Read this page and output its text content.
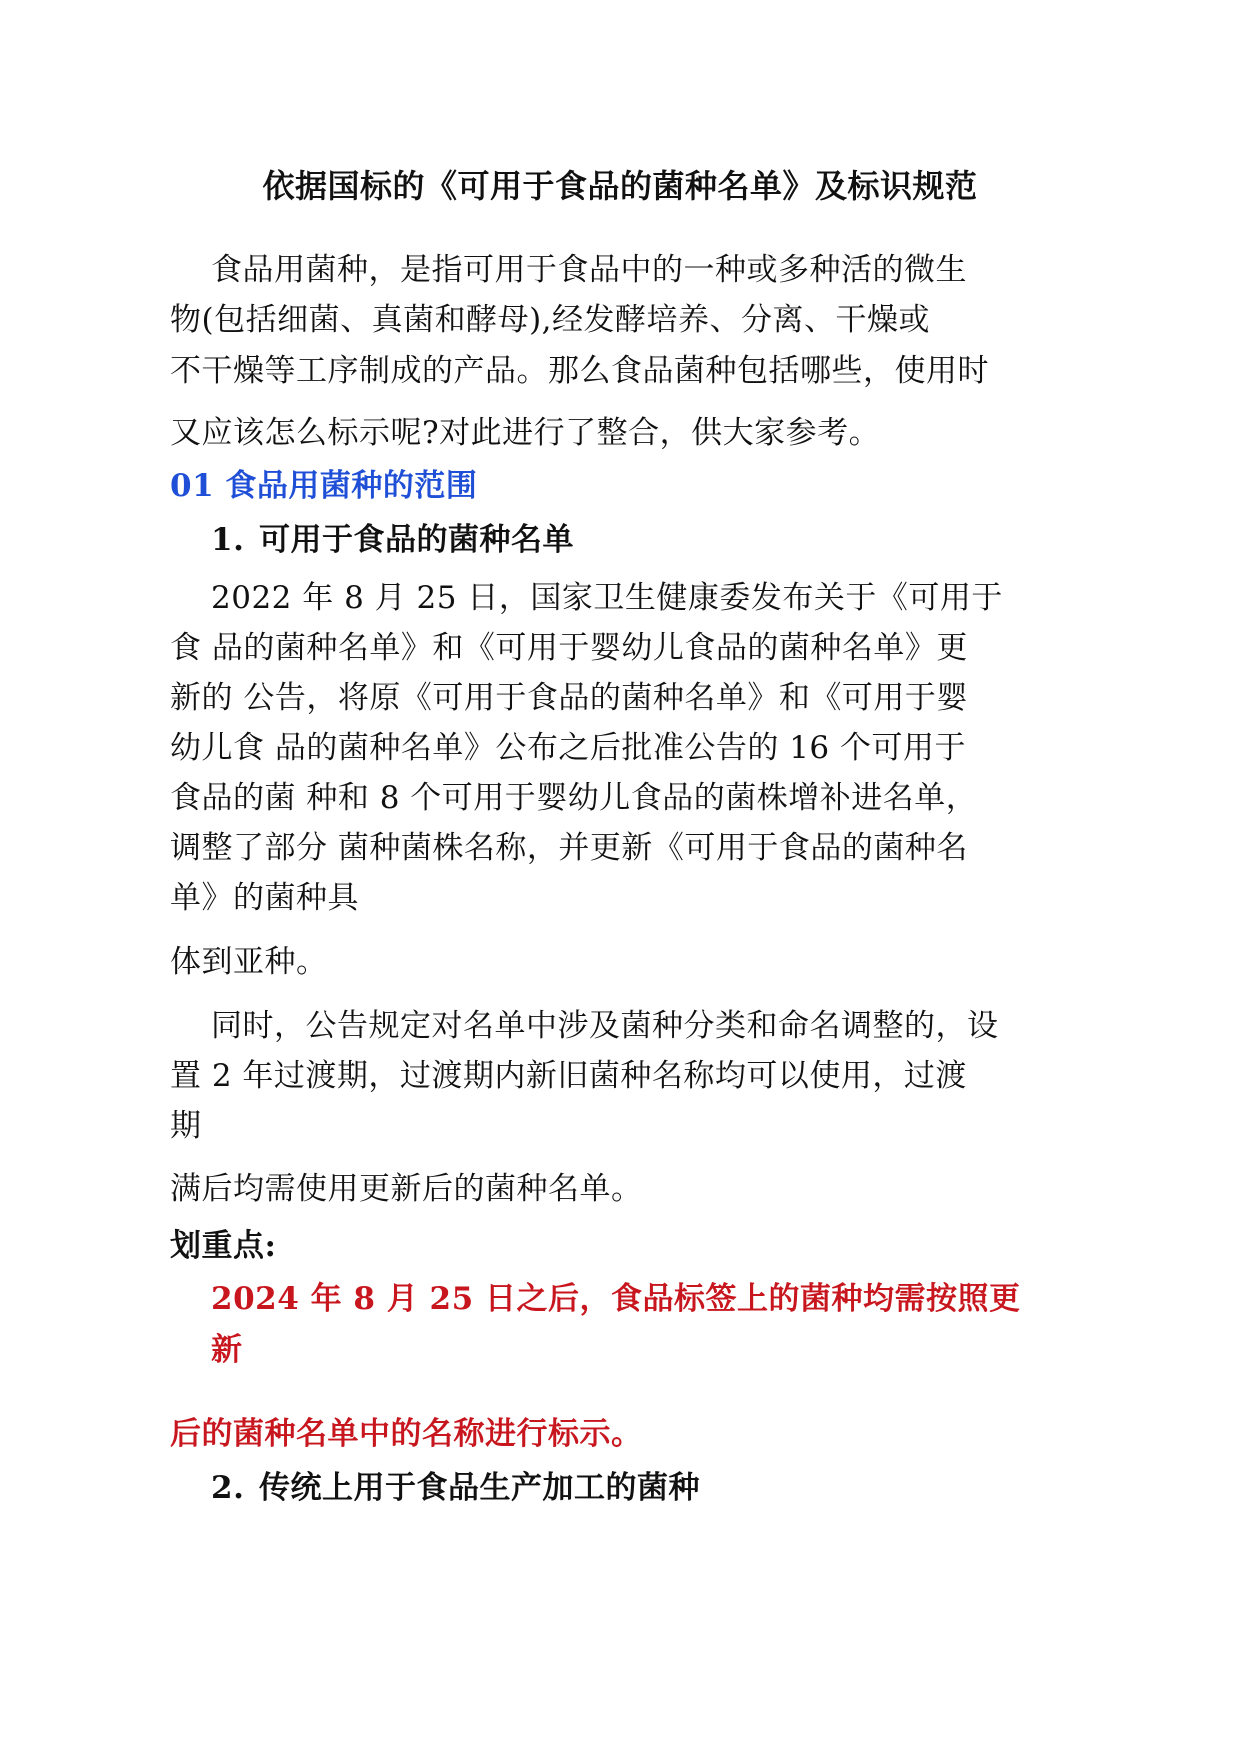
依据国标的《可用于食品的菌种名单》及标识规范
食品用菌种，是指可用于食品中的一种或多种活的微生
物(包括细菌、真菌和酵母),经发酵培养、分离、干燥或
不干燥等工序制成的产品。那么食品菌种包括哪些，使用时
又应该怎么标示呢?对此进行了整合，供大家参考。
01 食品用菌种的范围
1. 可用于食品的菌种名单
2022 年 8 月 25 日，国家卫生健康委发布关于《可用于
食 品的菌种名单》和《可用于婴幼儿食品的菌种名单》更
新的 公告，将原《可用于食品的菌种名单》和《可用于婴
幼儿食 品的菌种名单》公布之后批准公告的 16 个可用于
食品的菌 种和 8 个可用于婴幼儿食品的菌株增补进名单，
调整了部分 菌种菌株名称，并更新《可用于食品的菌种名
单》的菌种具
体到亚种。
同时，公告规定对名单中涉及菌种分类和命名调整的，设
置 2 年过渡期，过渡期内新旧菌种名称均可以使用，过渡
期
满后均需使用更新后的菌种名单。
划重点:
2024 年 8 月 25 日之后，食品标签上的菌种均需按照更
新
后的菌种名单中的名称进行标示。
2. 传统上用于食品生产加工的菌种
